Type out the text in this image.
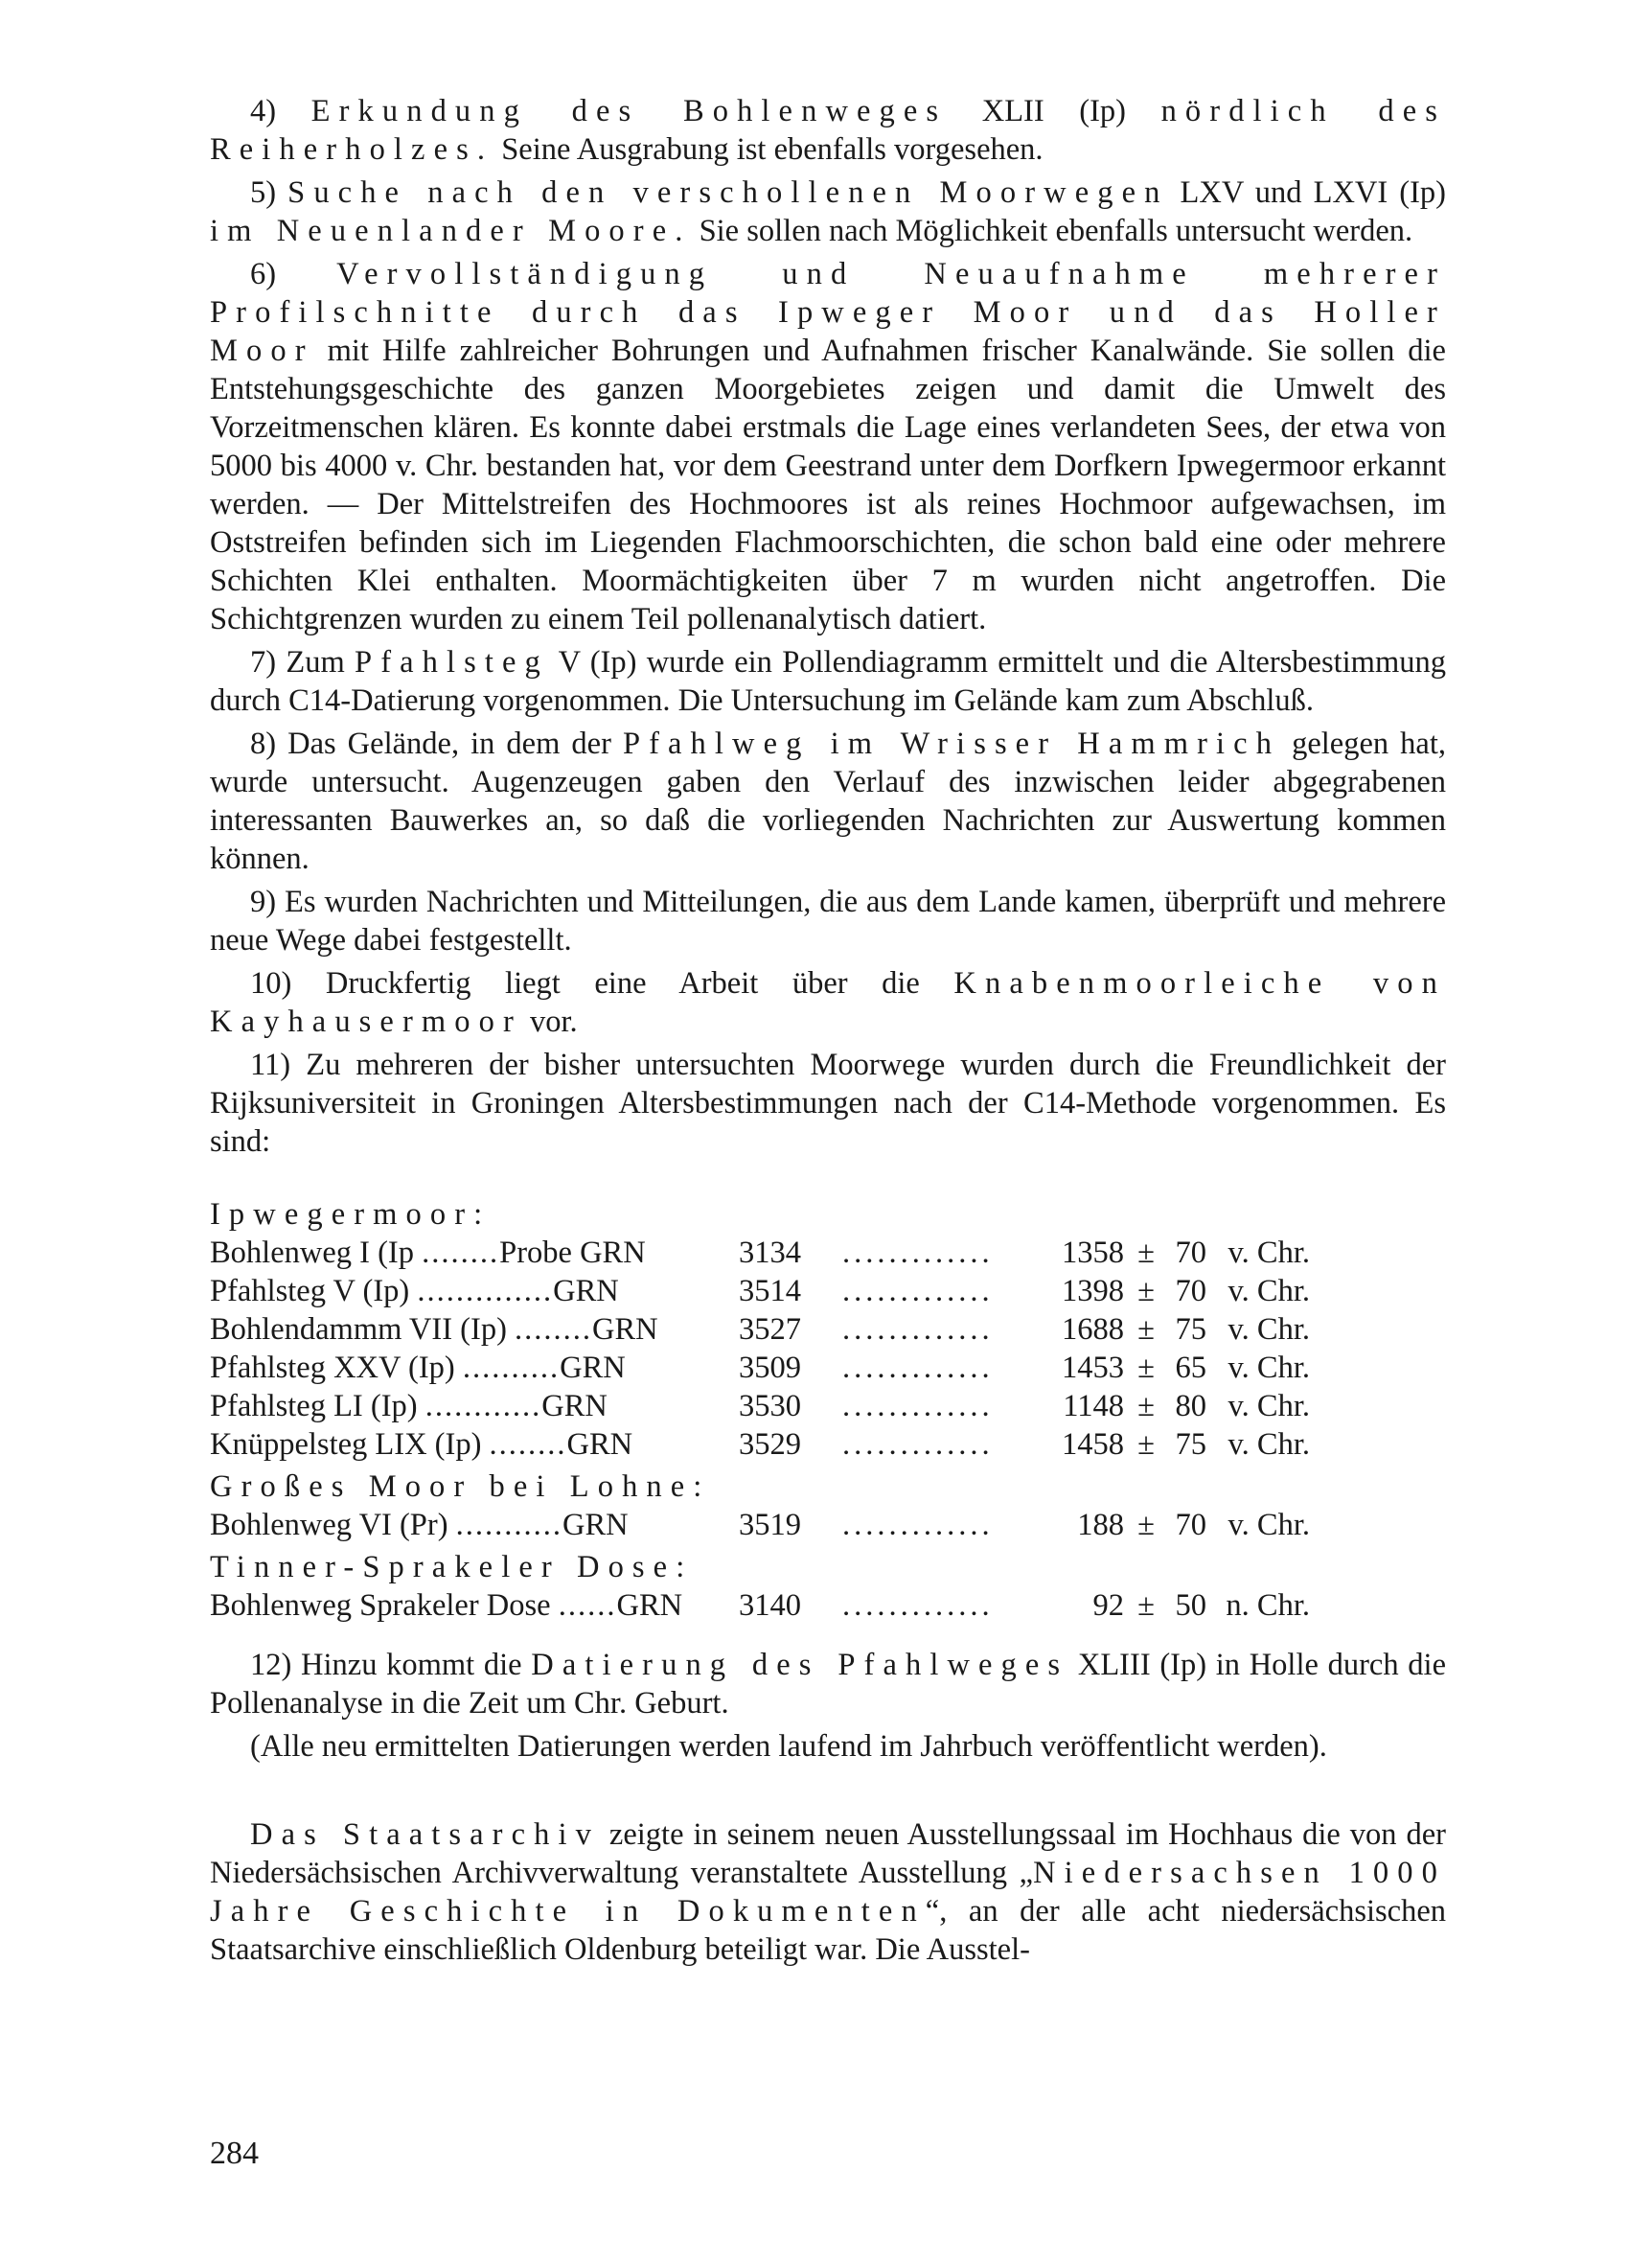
4) Erkundung des Bohlenweges XLII (Ip) nördlich des Reiherholzes. Seine Ausgrabung ist ebenfalls vorgesehen.

5) Suche nach den verschollenen Moorwegen LXV und LXVI (Ip) im Neuenlander Moore. Sie sollen nach Möglichkeit ebenfalls untersucht werden.

6) Vervollständigung und Neuaufnahme mehrerer Profilschnitte durch das Ipweger Moor und das Holler Moor mit Hilfe zahlreicher Bohrungen und Aufnahmen frischer Kanalwände. Sie sollen die Entstehungsgeschichte des ganzen Moorgebietes zeigen und damit die Umwelt des Vorzeitmenschen klären. Es konnte dabei erstmals die Lage eines verlandeten Sees, der etwa von 5000 bis 4000 v. Chr. bestanden hat, vor dem Geestrand unter dem Dorfkern Ipwegermoor erkannt werden. — Der Mittelstreifen des Hochmoores ist als reines Hochmoor aufgewachsen, im Oststreifen befinden sich im Liegenden Flachmoorschichten, die schon bald eine oder mehrere Schichten Klei enthalten. Moormächtigkeiten über 7 m wurden nicht angetroffen. Die Schichtgrenzen wurden zu einem Teil pollenanalytisch datiert.

7) Zum Pfahlsteg V (Ip) wurde ein Pollendiagramm ermittelt und die Altersbestimmung durch C14-Datierung vorgenommen. Die Untersuchung im Gelände kam zum Abschluß.

8) Das Gelände, in dem der Pfahlweg im Wrisser Hammrich gelegen hat, wurde untersucht. Augenzeugen gaben den Verlauf des inzwischen leider abgegrabenen interessanten Bauwerkes an, so daß die vorliegenden Nachrichten zur Auswertung kommen können.

9) Es wurden Nachrichten und Mitteilungen, die aus dem Lande kamen, überprüft und mehrere neue Wege dabei festgestellt.

10) Druckfertig liegt eine Arbeit über die Knabenmoorleiche von Kayhausermoor vor.

11) Zu mehreren der bisher untersuchten Moorwege wurden durch die Freundlichkeit der Rijksuniversiteit in Groningen Altersbestimmungen nach der C14-Methode vorgenommen. Es sind:

Ipwegermoor:
Bohlenweg I (Ip ........Probe GRN	3134	.............	1358 ± 70 v. Chr.
Pfahlsteg V (Ip) ..............GRN	3514	.............	1398 ± 70 v. Chr.
Bohlendammm VII (Ip) ........GRN	3527	.............	1688 ± 75 v. Chr.
Pfahlsteg XXV (Ip) ..........GRN	3509	.............	1453 ± 65 v. Chr.
Pfahlsteg LI (Ip) ............GRN	3530	.............	1148 ± 80 v. Chr.
Knüppelsteg LIX (Ip) ........GRN	3529	.............	1458 ± 75 v. Chr.
Großes Moor bei Lohne:
Bohlenweg VI (Pr) ...........GRN	3519	.............	188 ± 70 v. Chr.
Tinner-Sprakeler Dose:
Bohlenweg Sprakeler Dose ......GRN	3140	.............	92 ± 50 n. Chr.

12) Hinzu kommt die Datierung des Pfahlweges XLIII (Ip) in Holle durch die Pollenanalyse in die Zeit um Chr. Geburt.

(Alle neu ermittelten Datierungen werden laufend im Jahrbuch veröffentlicht werden).

Das Staatsarchiv zeigte in seinem neuen Ausstellungssaal im Hochhaus die von der Niedersächsischen Archivverwaltung veranstaltete Ausstellung „Niedersachsen 1000 Jahre Geschichte in Dokumenten“, an der alle acht niedersächsischen Staatsarchive einschließlich Oldenburg beteiligt war. Die Ausstel-

284
